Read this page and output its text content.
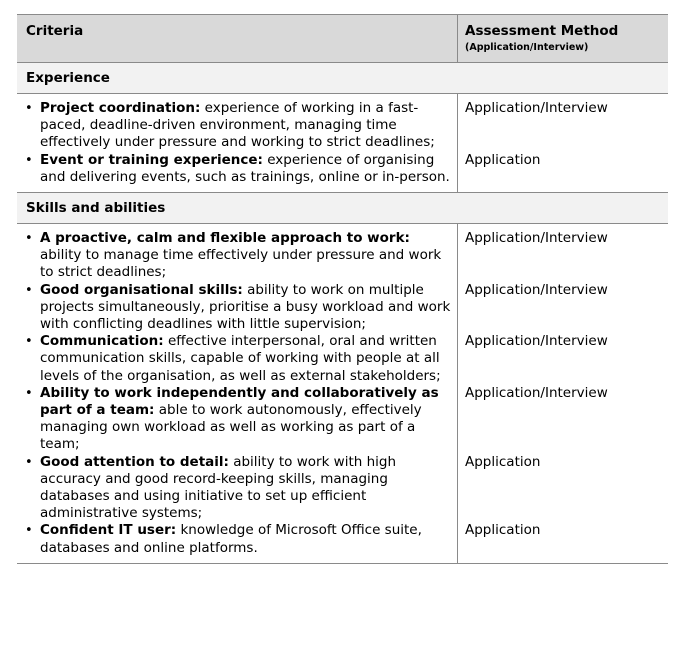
Criteria	Assessment Method
(Application/Interview)
Experience
• Project coordination: experience of working in a fast-paced, deadline-driven environment, managing time effectively under pressure and working to strict deadlines;
Application/Interview
• Event or training experience: experience of organising and delivering events, such as trainings, online or in-person.
Application
Skills and abilities
• A proactive, calm and flexible approach to work: ability to manage time effectively under pressure and work to strict deadlines;
Application/Interview
• Good organisational skills: ability to work on multiple projects simultaneously, prioritise a busy workload and work with conflicting deadlines with little supervision;
Application/Interview
• Communication: effective interpersonal, oral and written communication skills, capable of working with people at all levels of the organisation, as well as external stakeholders;
Application/Interview
• Ability to work independently and collaboratively as part of a team: able to work autonomously, effectively managing own workload as well as working as part of a team;
Application/Interview
• Good attention to detail: ability to work with high accuracy and good record-keeping skills, managing databases and using initiative to set up efficient administrative systems;
Application
• Confident IT user: knowledge of Microsoft Office suite, databases and online platforms.
Application
